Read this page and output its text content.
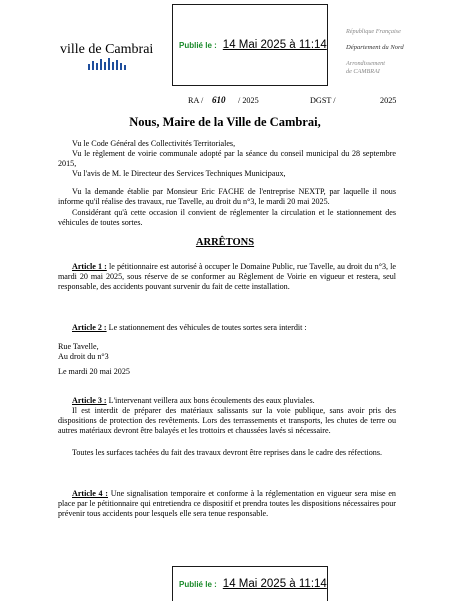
ville de Cambrai	Publié le : 14 Mai 2025 à 11:14
République Française
Département du Nord
Arrondissement
de CAMBRAI
RA / 610 / 2025	DGST /	2025
Nous, Maire de la Ville de Cambrai,
Vu le Code Général des Collectivités Territoriales,
Vu le règlement de voirie communale adopté par la séance du conseil municipal du 28 septembre 2015,
Vu l'avis de M. le Directeur des Services Techniques Municipaux,
Vu la demande établie par Monsieur Eric FACHE de l'entreprise NEXTP, par laquelle il nous informe qu'il réalise des travaux, rue Tavelle, au droit du n°3, le mardi 20 mai 2025.
Considérant qu'à cette occasion il convient de réglementer la circulation et le stationnement des véhicules de toutes sortes.
ARRÊTONS
Article 1 : le pétitionnaire est autorisé à occuper le Domaine Public, rue Tavelle, au droit du n°3, le mardi 20 mai 2025, sous réserve de se conformer au Règlement de Voirie en vigueur et restera, seul responsable, des accidents pouvant survenir du fait de cette installation.
Article 2 : Le stationnement des véhicules de toutes sortes sera interdit :
Rue Tavelle,
Au droit du n°3
Le mardi 20 mai 2025
Article 3 : L'intervenant veillera aux bons écoulements des eaux pluviales.
Il est interdit de préparer des matériaux salissants sur la voie publique, sans avoir pris des dispositions de protection des revêtements. Lors des terrassements et transports, les chutes de terre ou autres matériaux devront être balayés et les trottoirs et chaussées lavés si nécessaire.
Toutes les surfaces tachées du fait des travaux devront être reprises dans le cadre des réfections.
Article 4 : Une signalisation temporaire et conforme à la réglementation en vigueur sera mise en place par le pétitionnaire qui entretiendra ce dispositif et prendra toutes les dispositions nécessaires pour prévenir tous accidents pour lesquels elle sera tenue responsable.
Publié le : 14 Mai 2025 à 11:14
